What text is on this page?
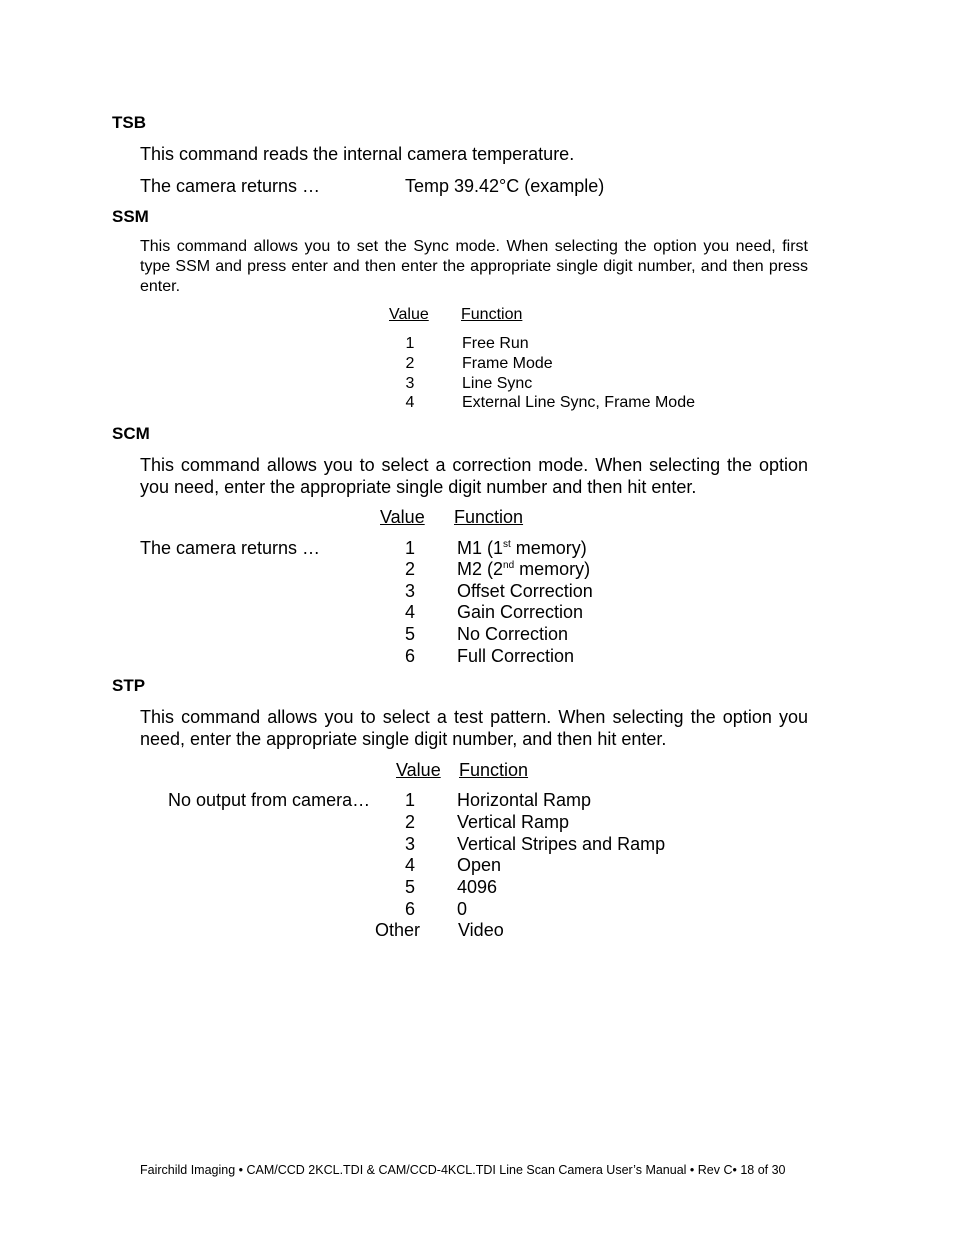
TSB
This command reads the internal camera temperature.
The camera returns …	Temp 39.42°C (example)
SSM
This command allows you to set the Sync mode. When selecting the option you need, first type SSM and press enter and then enter the appropriate single digit number, and then press enter.
Value Function
1	Free Run
2	Frame Mode
3	Line Sync
4	External Line Sync, Frame Mode
SCM
This command allows you to select a correction mode. When selecting the option you need, enter the appropriate single digit number and then hit enter.
Value Function
The camera returns …	1	M1 (1st memory)
2	M2 (2nd memory)
3	Offset Correction
4	Gain Correction
5	No Correction
6	Full Correction
STP
This command allows you to select a test pattern. When selecting the option you need, enter the appropriate single digit number, and then hit enter.
Value Function
No output from camera…	1	Horizontal Ramp
2	Vertical Ramp
3	Vertical Stripes and Ramp
4	Open
5	4096
6	0
Other Video
Fairchild Imaging • CAM/CCD 2KCL.TDI & CAM/CCD-4KCL.TDI Line Scan Camera User’s Manual • Rev C• 18 of 30
